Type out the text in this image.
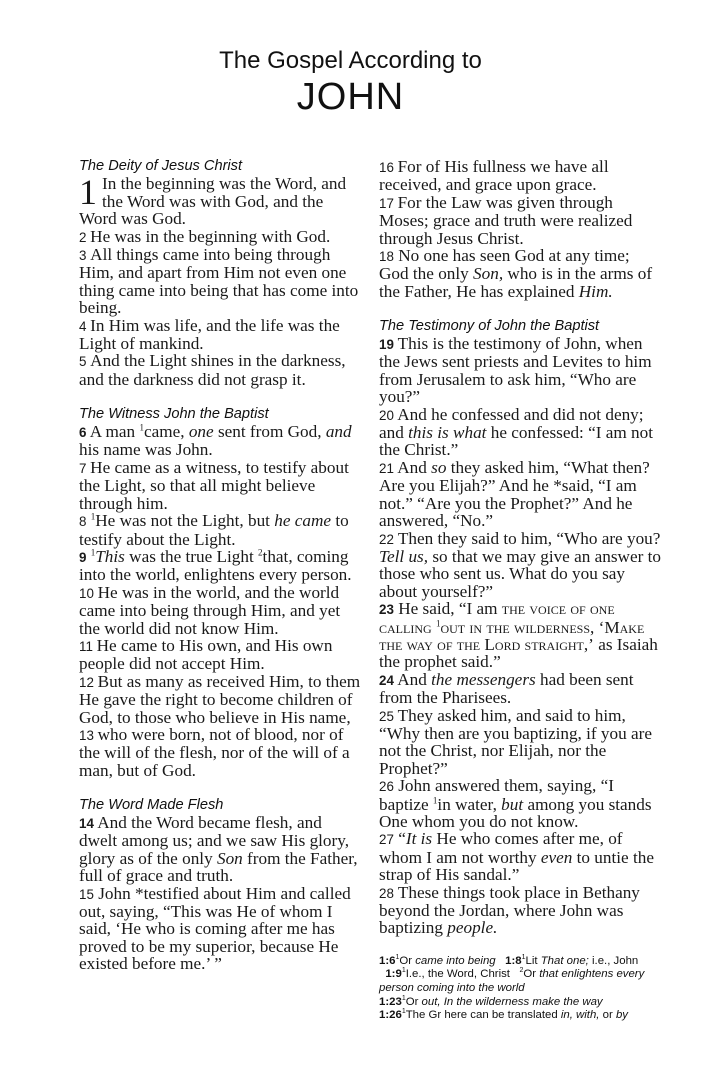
The Gospel According to
JOHN
The Deity of Jesus Christ
1 In the beginning was the Word, and the Word was with God, and the Word was God.
2 He was in the beginning with God.
3 All things came into being through Him, and apart from Him not even one thing came into being that has come into being.
4 In Him was life, and the life was the Light of mankind.
5 And the Light shines in the darkness, and the darkness did not grasp it.
The Witness John the Baptist
6 A man $^1$came, one sent from God, and his name was John.
7 He came as a witness, to testify about the Light, so that all might believe through him.
8 $^1$He was not the Light, but he came to testify about the Light.
9 $^1$This was the true Light $^2$that, coming into the world, enlightens every person.
10 He was in the world, and the world came into being through Him, and yet the world did not know Him.
11 He came to His own, and His own people did not accept Him.
12 But as many as received Him, to them He gave the right to become children of God, to those who believe in His name,
13 who were born, not of blood, nor of the will of the flesh, nor of the will of a man, but of God.
The Word Made Flesh
14 And the Word became flesh, and dwelt among us; and we saw His glory, glory as of the only Son from the Father, full of grace and truth.
15 John *testified about Him and called out, saying, “This was He of whom I said, ‘He who is coming after me has proved to be my superior, because He existed before me.’ ”
16 For of His fullness we have all received, and grace upon grace.
17 For the Law was given through Moses; grace and truth were realized through Jesus Christ.
18 No one has seen God at any time; God the only Son, who is in the arms of the Father, He has explained Him.
The Testimony of John the Baptist
19 This is the testimony of John, when the Jews sent priests and Levites to him from Jerusalem to ask him, “Who are you?”
20 And he confessed and did not deny; and this is what he confessed: “I am not the Christ.”
21 And so they asked him, “What then? Are you Elijah?” And he *said, “I am not.” “Are you the Prophet?” And he answered, “No.”
22 Then they said to him, “Who are you? Tell us, so that we may give an answer to those who sent us. What do you say about yourself?”
23 He said, “I am the voice of one calling $^1$out in the wilderness, ‘Make the way of the Lord straight,’ as Isaiah the prophet said.”
24 And the messengers had been sent from the Pharisees.
25 They asked him, and said to him, “Why then are you baptizing, if you are not the Christ, nor Elijah, nor the Prophet?”
26 John answered them, saying, “I baptize $^1$in water, but among you stands One whom you do not know.
27 “It is He who comes after me, of whom I am not worthy even to untie the strap of His sandal.”
28 These things took place in Bethany beyond the Jordan, where John was baptizing people.
$1:6^1Or$ came into being $1:8^1Lit$ That one; i.e., John   $1:9^1I.e$., the Word, Christ   $^2$Or that enlightens every person coming into the world
$1:23^1Or$ out, In the wilderness make the way
$1:26^1The$ Gr here can be translated in, with, or by
